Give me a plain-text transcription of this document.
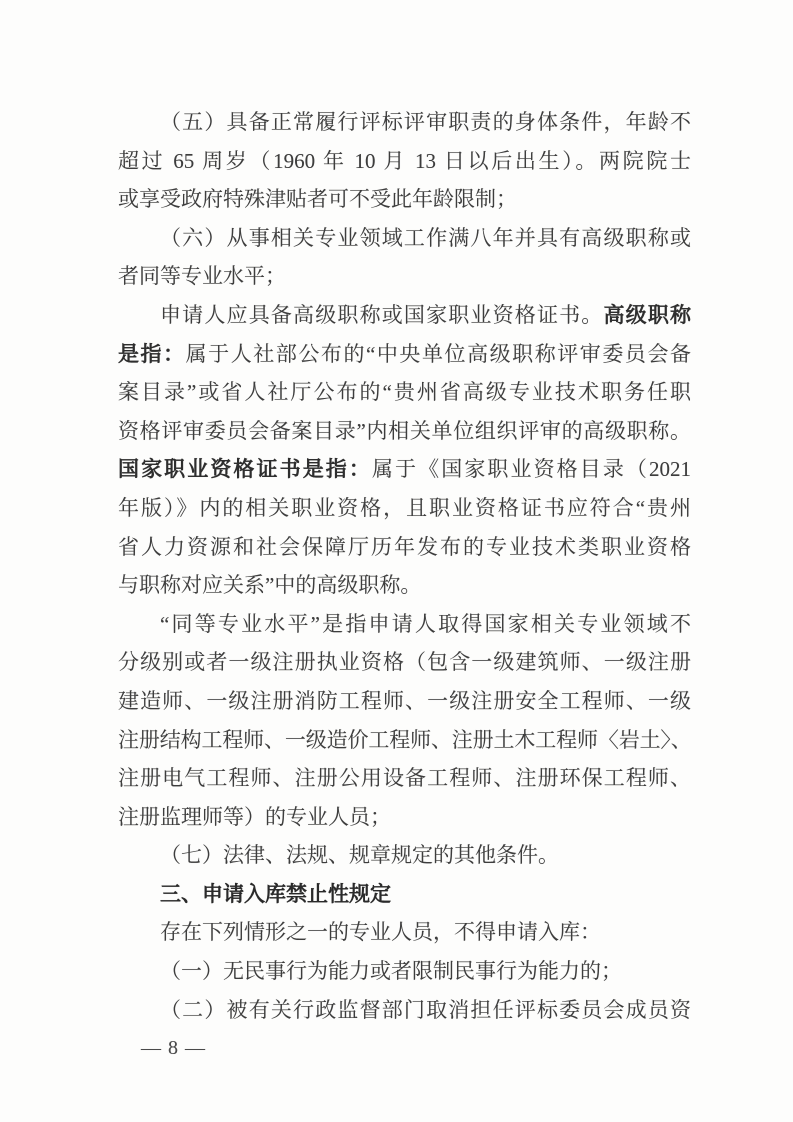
（五）具备正常履行评标评审职责的身体条件，年龄不
超过 65 周岁（1960 年 10 月 13 日以后出生）。两院院士
或享受政府特殊津贴者可不受此年龄限制；
（六）从事相关专业领域工作满八年并具有高级职称或
者同等专业水平；
申请人应具备高级职称或国家职业资格证书。高级职称
是指：属于人社部公布的“中央单位高级职称评审委员会备
案目录”或省人社厅公布的“贵州省高级专业技术职务任职
资格评审委员会备案目录”内相关单位组织评审的高级职称。
国家职业资格证书是指：属于《国家职业资格目录（2021
年版）》内的相关职业资格，且职业资格证书应符合“贵州
省人力资源和社会保障厅历年发布的专业技术类职业资格
与职称对应关系”中的高级职称。
“同等专业水平”是指申请人取得国家相关专业领域不
分级别或者一级注册执业资格（包含一级建筑师、一级注册
建造师、一级注册消防工程师、一级注册安全工程师、一级
注册结构工程师、一级造价工程师、注册土木工程师〈岩土〉、
注册电气工程师、注册公用设备工程师、注册环保工程师、
注册监理师等）的专业人员；
（七）法律、法规、规章规定的其他条件。
三、申请入库禁止性规定
存在下列情形之一的专业人员，不得申请入库：
（一）无民事行为能力或者限制民事行为能力的；
（二）被有关行政监督部门取消担任评标委员会成员资
— 8 —
